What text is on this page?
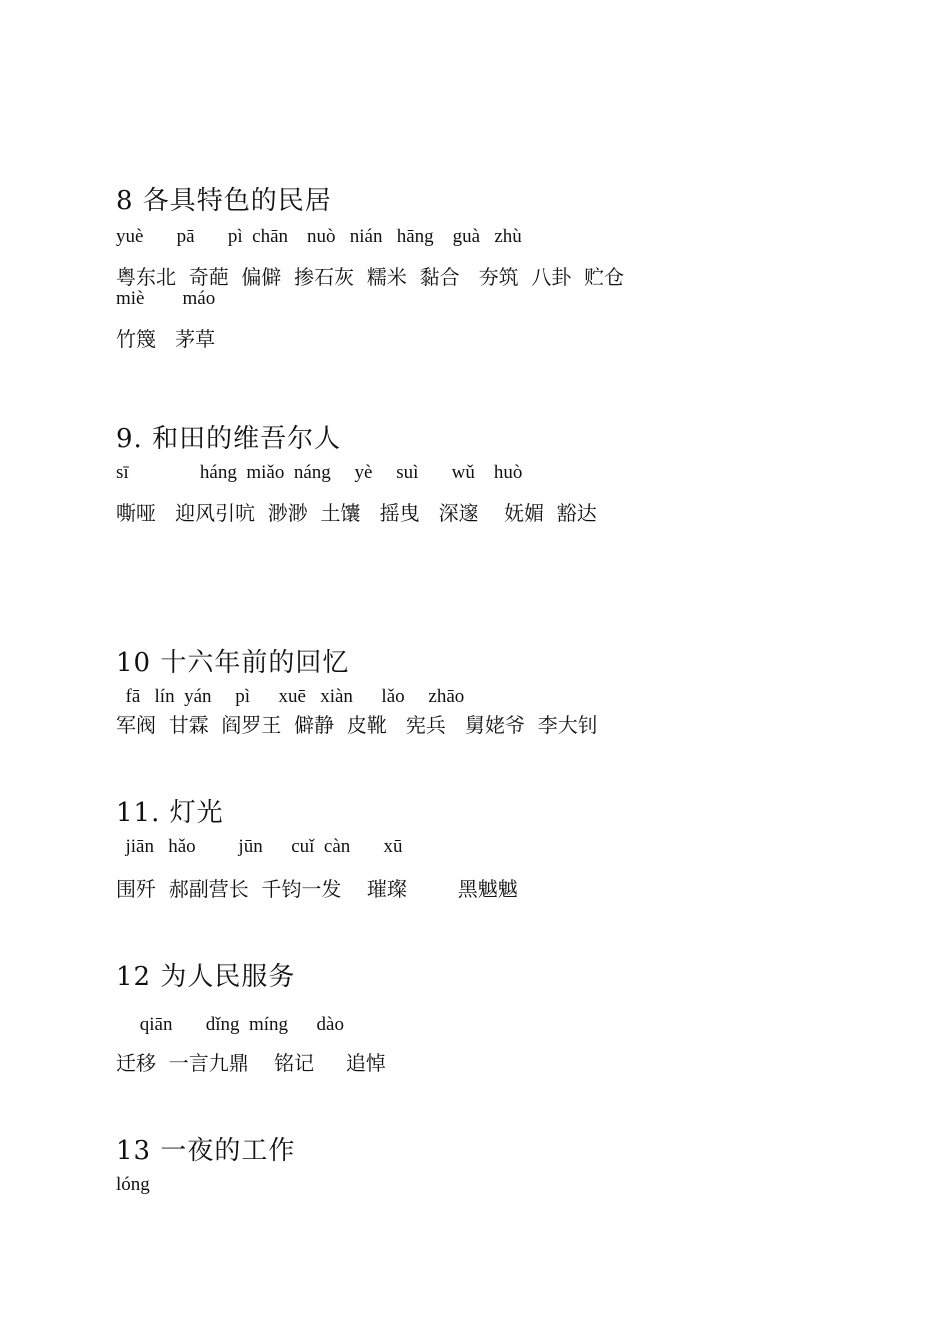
8 各具特色的民居
yuè       pā       pì  chān    nuò   nián   hāng    guà   zhù
粤东北  奇葩  偏僻  掺石灰  糯米  黏合   夯筑  八卦  贮仓
miè        máo
竹篾   茅草
9. 和田的维吾尔人
sī               háng  miǎo  náng     yè     suì       wǔ    huò
嘶哑   迎风引吭  渺渺  土馕   摇曳   深邃    妩媚  豁达
10 十六年前的回忆
fā   lín  yán     pì      xuē   xiàn      lǎo     zhāo
军阀  甘霖  阎罗王  僻静  皮靴   宪兵   舅姥爷  李大钊
11. 灯光
jiān   hǎo         jūn      cuǐ  càn       xū
围歼  郝副营长  千钧一发    璀璨        黑魆魆
12 为人民服务
qiān       dǐng  míng      dào
迁移  一言九鼎    铭记     追悼
13 一夜的工作
lóng
